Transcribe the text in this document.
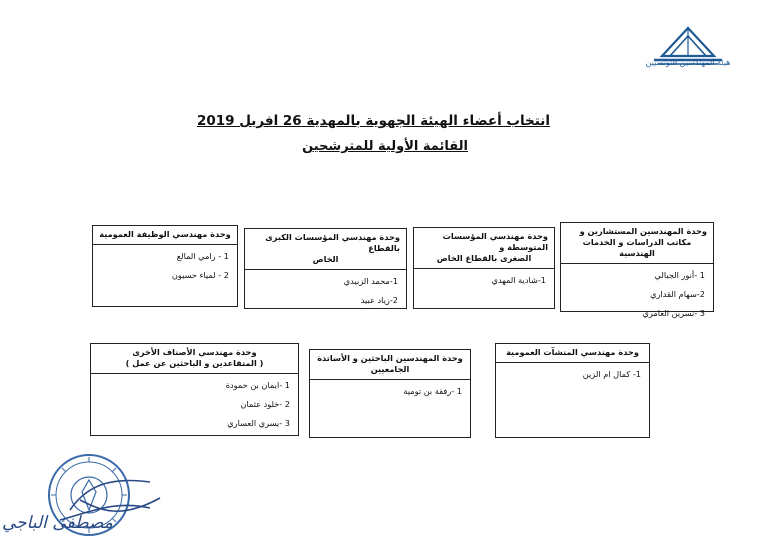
هيئة المهندسين التونسيين
انتخاب أعضاء الهيئة الجهوية بالمهدية 26 افريل 2019
القائمة الأولية للمترشحين
وحدة المهندسين المستشارين و
مكاتب الدراسات و الخدمات الهندسية
1 -أنور الجبالي
2-سهام القداري
3 -نسرين العامري
وحدة مهندسي المؤسسات المتوسطة و
الصغرى بالقطاع الخاص
1-شادية المهدي
وحدة مهندسي المؤسسات الكبرى بالقطاع
الخاص
1-محمد الزبيدي
2-زياد عبيد
وحدة مهندسي الوظيفة العمومية
1 - رامي المالع
2 - لمياء حسيون
وحدة مهندسي المنشآت العمومية
1- كمال ام الزين
وحدة المهندسين الباحثين و الأساتذة الجامعيين
1 -رفقة بن تومية
وحدة مهندسي الأصناف الأخرى
( المتقاعدين و الباحثين عن عمل )
1 -ايمان بن حمودة
2 -خلود عثمان
3 -يسري العساري
مصطفى الباجي
